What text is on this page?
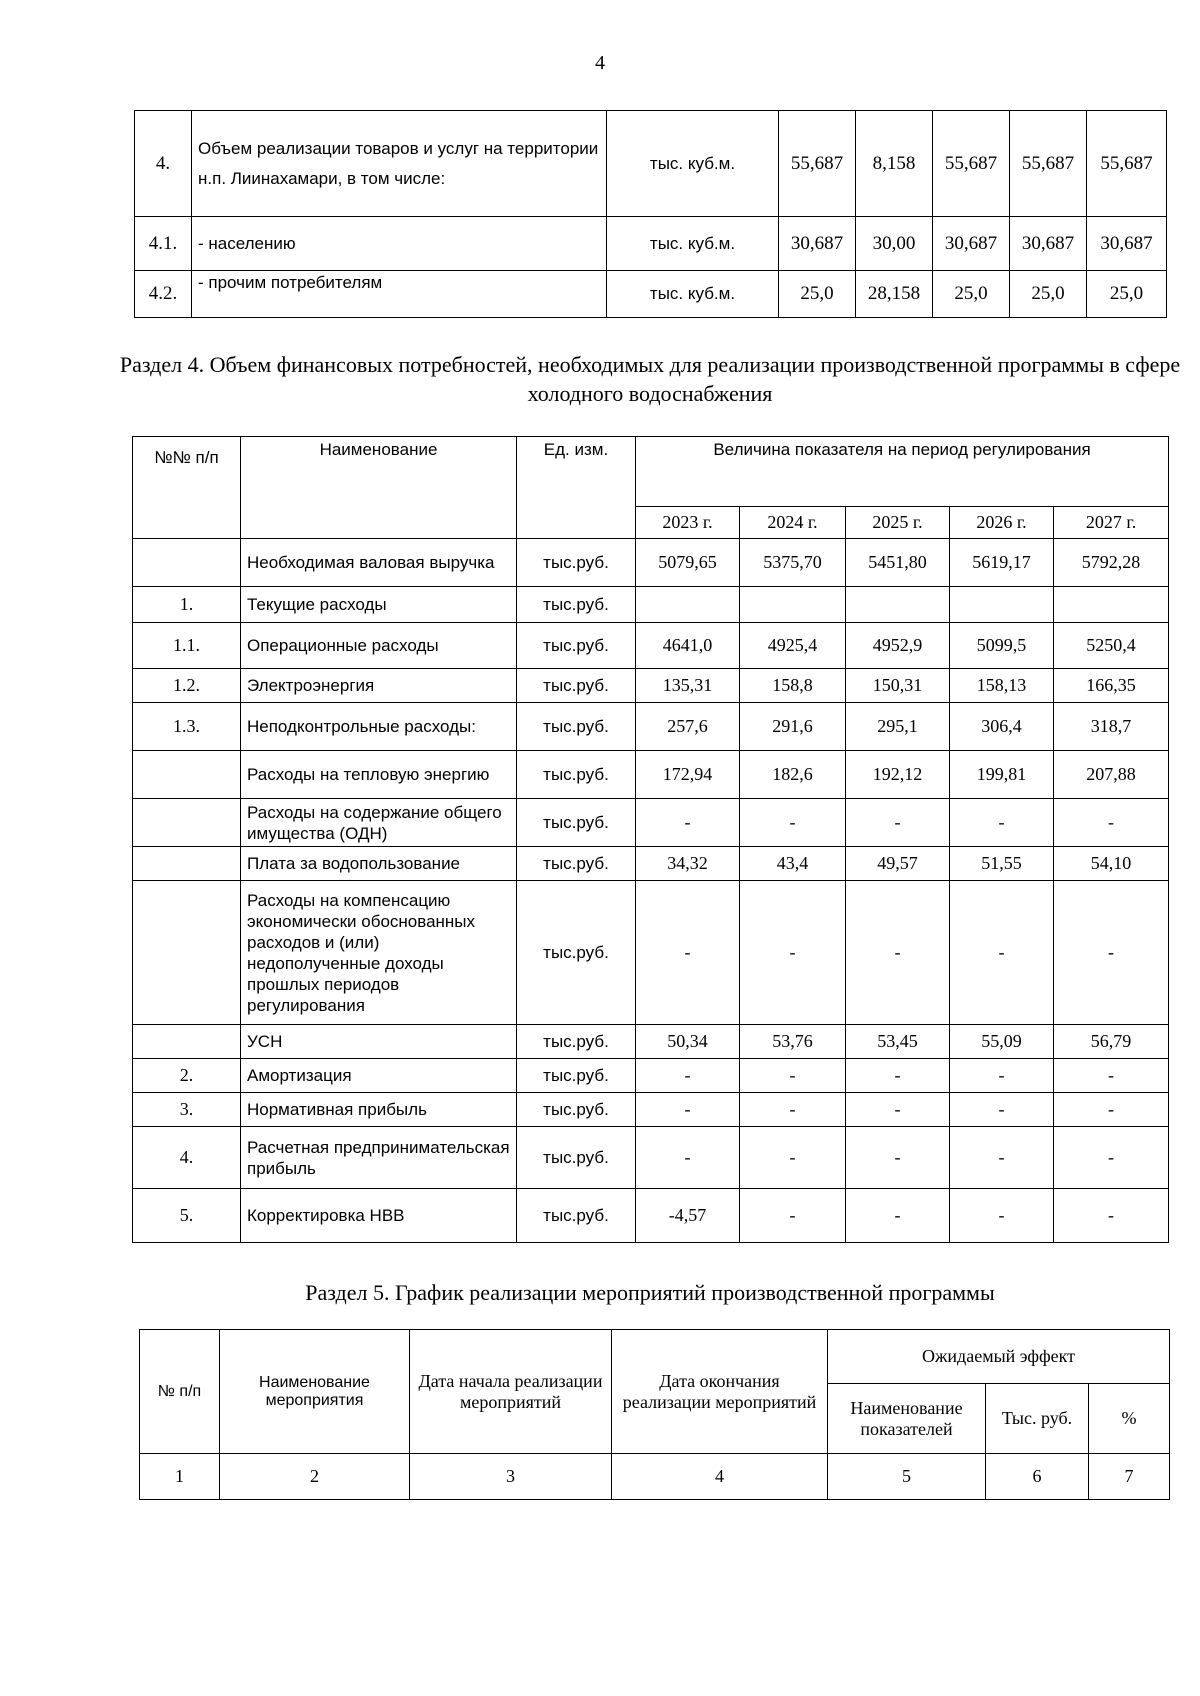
4
4.	Объем реализации товаров и услуг на территории н.п. Лиинахамари, в том числе:	тыс. куб.м.	55,687	8,158	55,687	55,687	55,687
4.1.	- населению	тыс. куб.м.	30,687	30,00	30,687	30,687	30,687
4.2.	- прочим потребителям	тыс. куб.м.	25,0	28,158	25,0	25,0	25,0
Раздел 4. Объем финансовых потребностей, необходимых для реализации производственной программы в сфере холодного водоснабжения
№№ п/п	Наименование	Ед. изм.	Величина показателя на период регулирования				
			2023 г.	2024 г.	2025 г.	2026 г.	2027 г.
	Необходимая валовая выручка	тыс.руб.	5079,65	5375,70	5451,80	5619,17	5792,28
1.	Текущие расходы	тыс.руб.					
1.1.	Операционные расходы	тыс.руб.	4641,0	4925,4	4952,9	5099,5	5250,4
1.2.	Электроэнергия	тыс.руб.	135,31	158,8	150,31	158,13	166,35
1.3.	Неподконтрольные расходы:	тыс.руб.	257,6	291,6	295,1	306,4	318,7
	Расходы на тепловую энергию	тыс.руб.	172,94	182,6	192,12	199,81	207,88
	Расходы на содержание общего имущества (ОДН)	тыс.руб.	-	-	-	-	-
	Плата за водопользование	тыс.руб.	34,32	43,4	49,57	51,55	54,10
	Расходы на компенсацию экономически обоснованных расходов и (или) недополученные доходы прошлых периодов регулирования	тыс.руб.	-	-	-	-	-
	УСН	тыс.руб.	50,34	53,76	53,45	55,09	56,79
2.	Амортизация	тыс.руб.	-	-	-	-	-
3.	Нормативная прибыль	тыс.руб.	-	-	-	-	-
4.	Расчетная предпринимательская прибыль	тыс.руб.	-	-	-	-	-
5.	Корректировка НВВ	тыс.руб.	-4,57	-	-	-	-
Раздел 5. График реализации мероприятий производственной программы
№ п/п	Наименование мероприятия	Дата начала реализации мероприятий	Дата окончания реализации мероприятий	Ожидаемый эффект		
				Наименование показателей	Тыс. руб.	%
1	2	3	4	5	6	7
